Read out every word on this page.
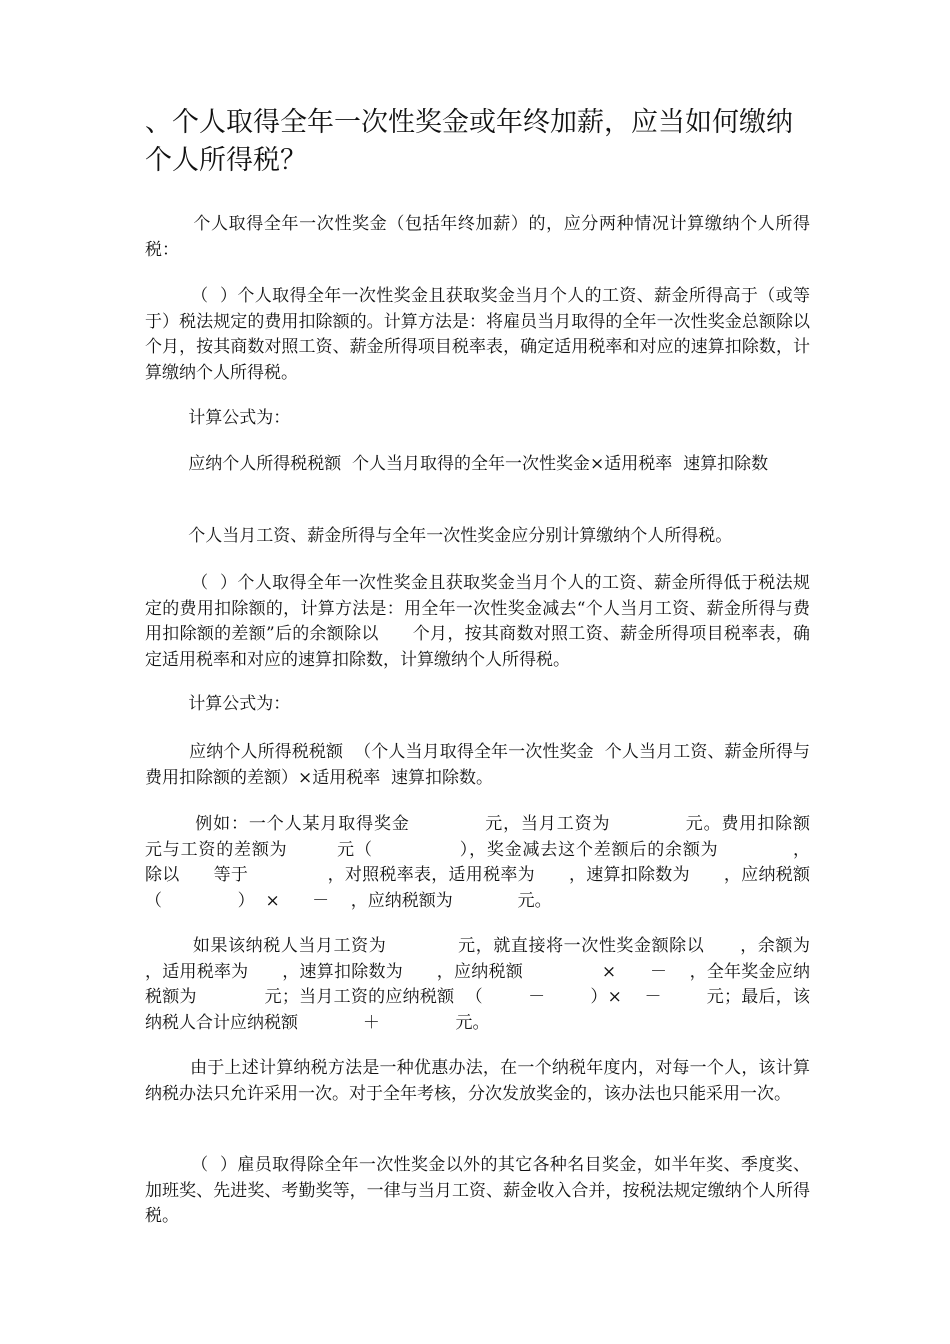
、个人取得全年一次性奖金或年终加薪，应当如何缴纳个人所得税？

个人取得全年一次性奖金（包括年终加薪）的，应分两种情况计算缴纳个人所得税：

（  ）个人取得全年一次性奖金且获取奖金当月个人的工资、薪金所得高于（或等于）税法规定的费用扣除额的。计算方法是：将雇员当月取得的全年一次性奖金总额除以      个月，按其商数对照工资、薪金所得项目税率表，确定适用税率和对应的速算扣除数，计算缴纳个人所得税。

计算公式为：

应纳个人所得税税额  个人当月取得的全年一次性奖金×适用税率  速算扣除数

个人当月工资、薪金所得与全年一次性奖金应分别计算缴纳个人所得税。

（  ）个人取得全年一次性奖金且获取奖金当月个人的工资、薪金所得低于税法规定的费用扣除额的，计算方法是：用全年一次性奖金减去“个人当月工资、薪金所得与费用扣除额的差额”后的余额除以      个月，按其商数对照工资、薪金所得项目税率表，确定适用税率和对应的速算扣除数，计算缴纳个人所得税。

计算公式为：

应纳个人所得税税额  （个人当月取得全年一次性奖金  个人当月工资、薪金所得与费用扣除额的差额）×适用税率  速算扣除数。

例如：一个人某月取得奖金            元，当月工资为            元。费用扣除额        元与工资的差额为        元（              ），奖金减去这个差额后的余额为            ，        除以      等于              ，对照税率表，适用税率为      ，速算扣除数为      ，应纳税额                （              ）  ×      －    ，应纳税额为            元。

如果该纳税人当月工资为            元，就直接将一次性奖金额除以      ，余额为      ，适用税率为      ，速算扣除数为      ，应纳税额              ×      －    ，全年奖金应纳税额为            元；当月工资的应纳税额  （        －        ）×    －        元；最后，该纳税人合计应纳税额            ＋              元。

由于上述计算纳税方法是一种优惠办法，在一个纳税年度内，对每一个人，该计算纳税办法只允许采用一次。对于全年考核，分次发放奖金的，该办法也只能采用一次。

（  ）雇员取得除全年一次性奖金以外的其它各种名目奖金，如半年奖、季度奖、加班奖、先进奖、考勤奖等，一律与当月工资、薪金收入合并，按税法规定缴纳个人所得税。
